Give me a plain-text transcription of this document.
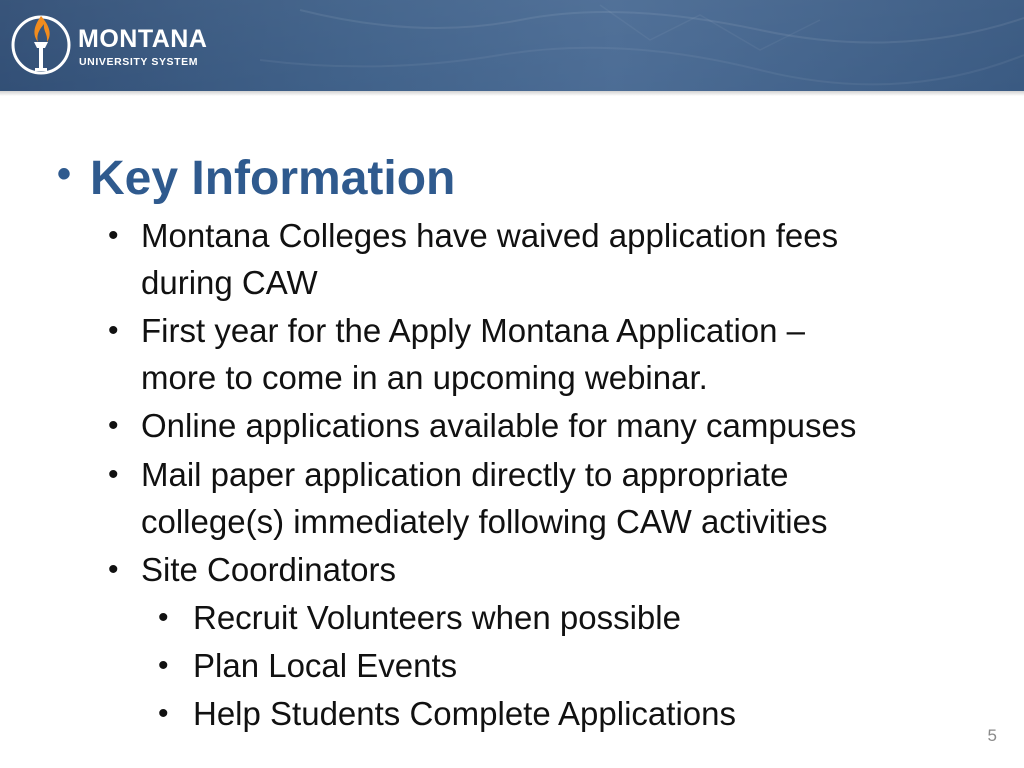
MONTANA
UNIVERSITY SYSTEM
• Key Information
• Montana Colleges have waived application fees
during CAW
• First year for the Apply Montana Application –
more to come in an upcoming webinar.
• Online applications available for many campuses
• Mail paper application directly to appropriate
college(s) immediately following CAW activities
• Site Coordinators
• Recruit Volunteers when possible
• Plan Local Events
• Help Students Complete Applications
5
